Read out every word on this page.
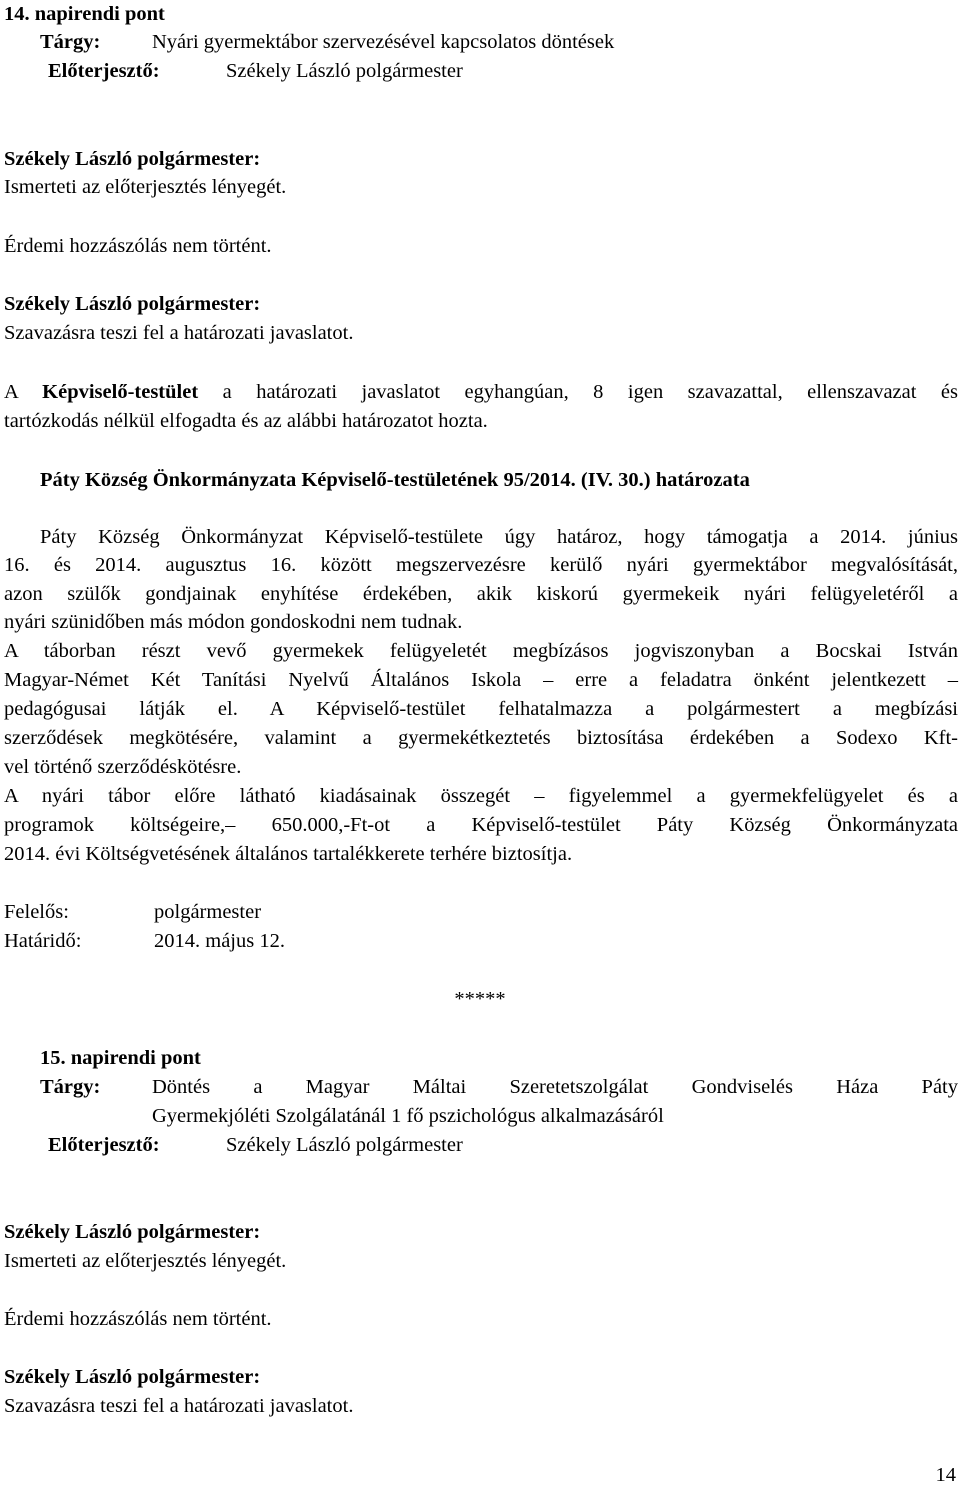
14. napirendi pont
Tárgy:	Nyári gyermektábor szervezésével kapcsolatos döntések
Előterjesztő:	Székely László polgármester
Székely László polgármester:
Ismerteti az előterjesztés lényegét.
Érdemi hozzászólás nem történt.
Székely László polgármester:
Szavazásra teszi fel a határozati javaslatot.
A Képviselő-testület a határozati javaslatot egyhangúan, 8 igen szavazattal, ellenszavazat és
tartózkodás nélkül elfogadta és az alábbi határozatot hozta.
Páty Község Önkormányzata Képviselő-testületének 95/2014. (IV. 30.) határozata
Páty Község Önkormányzat Képviselő-testülete úgy határoz, hogy támogatja a 2014. június
16. és 2014. augusztus 16. között megszervezésre kerülő nyári gyermektábor megvalósítását,
azon szülők gondjainak enyhítése érdekében, akik kiskorú gyermekeik nyári felügyeletéről a
nyári szünidőben más módon gondoskodni nem tudnak.
A táborban részt vevő gyermekek felügyeletét megbízásos jogviszonyban a Bocskai István
Magyar-Német Két Tanítási Nyelvű Általános Iskola – erre a feladatra önként jelentkezett –
pedagógusai látják el. A Képviselő-testület felhatalmazza a polgármestert a megbízási
szerződések megkötésére, valamint a gyermekétkeztetés biztosítása érdekében a Sodexo Kft-
vel történő szerződéskötésre.
A nyári tábor előre látható kiadásainak összegét – figyelemmel a gyermekfelügyelet és a
programok költségeire,– 650.000,-Ft-ot a Képviselő-testület Páty Község Önkormányzata
2014. évi Költségvetésének általános tartalékkerete terhére biztosítja.
Felelős:	polgármester
Határidő:	2014. május 12.
*****
15. napirendi pont
Tárgy:	Döntés a Magyar Máltai Szeretetszolgálat Gondviselés Háza Páty
Gyermekjóléti Szolgálatánál 1 fő pszichológus alkalmazásáról
Előterjesztő:	Székely László polgármester
Székely László polgármester:
Ismerteti az előterjesztés lényegét.
Érdemi hozzászólás nem történt.
Székely László polgármester:
Szavazásra teszi fel a határozati javaslatot.
14
